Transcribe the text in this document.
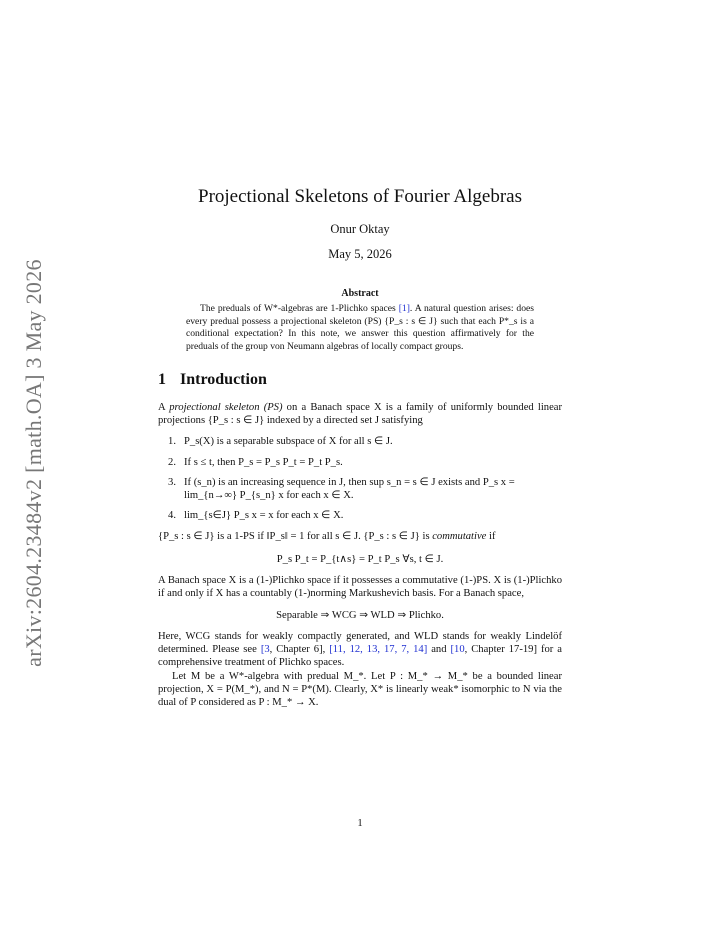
arXiv:2604.23484v2 [math.OA] 3 May 2026
Projectional Skeletons of Fourier Algebras
Onur Oktay
May 5, 2026
Abstract
The preduals of W*-algebras are 1-Plichko spaces [1]. A natural question arises: does every predual possess a projectional skeleton (PS) {P_s : s ∈ J} such that each P*_s is a conditional expectation? In this note, we answer this question affirmatively for the preduals of the group von Neumann algebras of locally compact groups.
1 Introduction

A projectional skeleton (PS) on a Banach space X is a family of uniformly bounded linear projections {P_s : s ∈ J} indexed by a directed set J satisfying

1. P_s(X) is a separable subspace of X for all s ∈ J.
2. If s ≤ t, then P_s = P_s P_t = P_t P_s.
3. If (s_n) is an increasing sequence in J, then sup s_n = s ∈ J exists and P_s x = lim_{n→∞} P_{s_n} x for each x ∈ X.
4. lim_{s∈J} P_s x = x for each x ∈ X.

{P_s : s ∈ J} is a 1-PS if ‖P_s‖ = 1 for all s ∈ J. {P_s : s ∈ J} is commutative if

P_s P_t = P_{t∧s} = P_t P_s ∀s, t ∈ J.

A Banach space X is a (1-)Plichko space if it possesses a commutative (1-)PS. X is (1-)Plichko if and only if X has a countably (1-)norming Markushevich basis. For a Banach space,

Separable ⇒ WCG ⇒ WLD ⇒ Plichko.

Here, WCG stands for weakly compactly generated, and WLD stands for weakly Lindelöf determined. Please see [3, Chapter 6], [11, 12, 13, 17, 7, 14] and [10, Chapter 17-19] for a comprehensive treatment of Plichko spaces.

Let M be a W*-algebra with predual M_*. Let P : M_* → M_* be a bounded linear projection, X = P(M_*), and N = P*(M). Clearly, X* is linearly weak* isomorphic to N via the dual of P considered as P : M_* → X.

1
